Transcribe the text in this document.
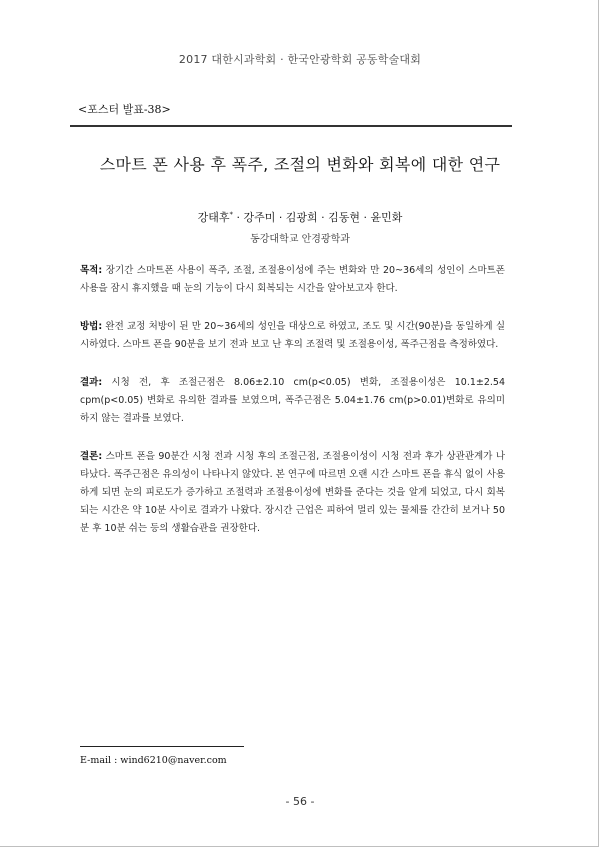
2017 대한시과학회 · 한국안광학회 공동학술대회
<포스터 발표-38>
스마트 폰 사용 후 폭주, 조절의 변화와 회복에 대한 연구
강태후* · 강주미 · 김광희 · 김동현 · 윤민화
동강대학교 안경광학과

목적: 장기간 스마트폰 사용이 폭주, 조절, 조절용이성에 주는 변화와 만 20~36세의 성인이 스마트폰 사용을 잠시 휴지했을 때 눈의 기능이 다시 회복되는 시간을 알아보고자 한다.

방법: 완전 교정 처방이 된 만 20~36세의 성인을 대상으로 하였고, 조도 및 시간(90분)을 동일하게 실시하였다. 스마트 폰을 90분을 보기 전과 보고 난 후의 조절력 및 조절용이성, 폭주근점을 측정하였다.

결과: 시청 전, 후 조절근점은 8.06±2.10 cm(p<0.05) 변화, 조절용이성은 10.1±2.54 cpm(p<0.05) 변화로 유의한 결과를 보였으며, 폭주근점은 5.04±1.76 cm(p>0.01)변화로 유의미하지 않는 결과를 보였다.

결론: 스마트 폰을 90분간 시청 전과 시청 후의 조절근점, 조절용이성이 시청 전과 후가 상관관계가 나타났다. 폭주근점은 유의성이 나타나지 않았다. 본 연구에 따르면 오랜 시간 스마트 폰을 휴식 없이 사용하게 되면 눈의 피로도가 증가하고 조절력과 조절용이성에 변화를 준다는 것을 알게 되었고, 다시 회복 되는 시간은 약 10분 사이로 결과가 나왔다. 장시간 근업은 피하여 멀리 있는 물체를 간간히 보거나 50분 후 10분 쉬는 등의 생활습관을 권장한다.

E-mail : wind6210@naver.com
- 56 -
